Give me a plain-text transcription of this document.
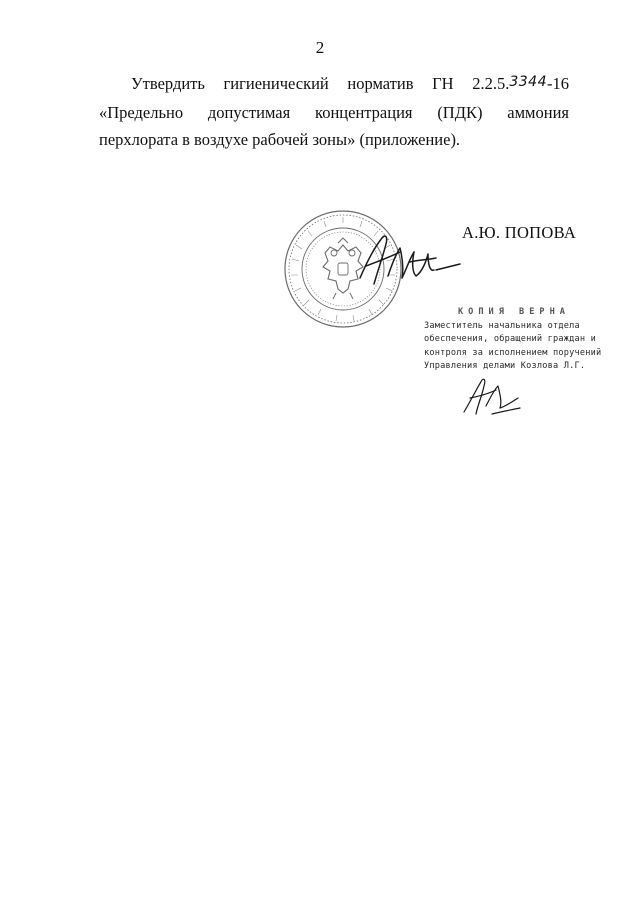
2

Утвердить гигиенический норматив ГН 2.2.5.3344-16 «Предельно допустимая концентрация (ПДК) аммония перхлората в воздухе рабочей зоны» (приложение).

А.Ю. ПОПОВА
КОПИЯ ВЕРНА
Заместитель начальника отдела
обеспечения, обращений граждан и
контроля за исполнением поручений
Управления делами Козлова Л.Г.
